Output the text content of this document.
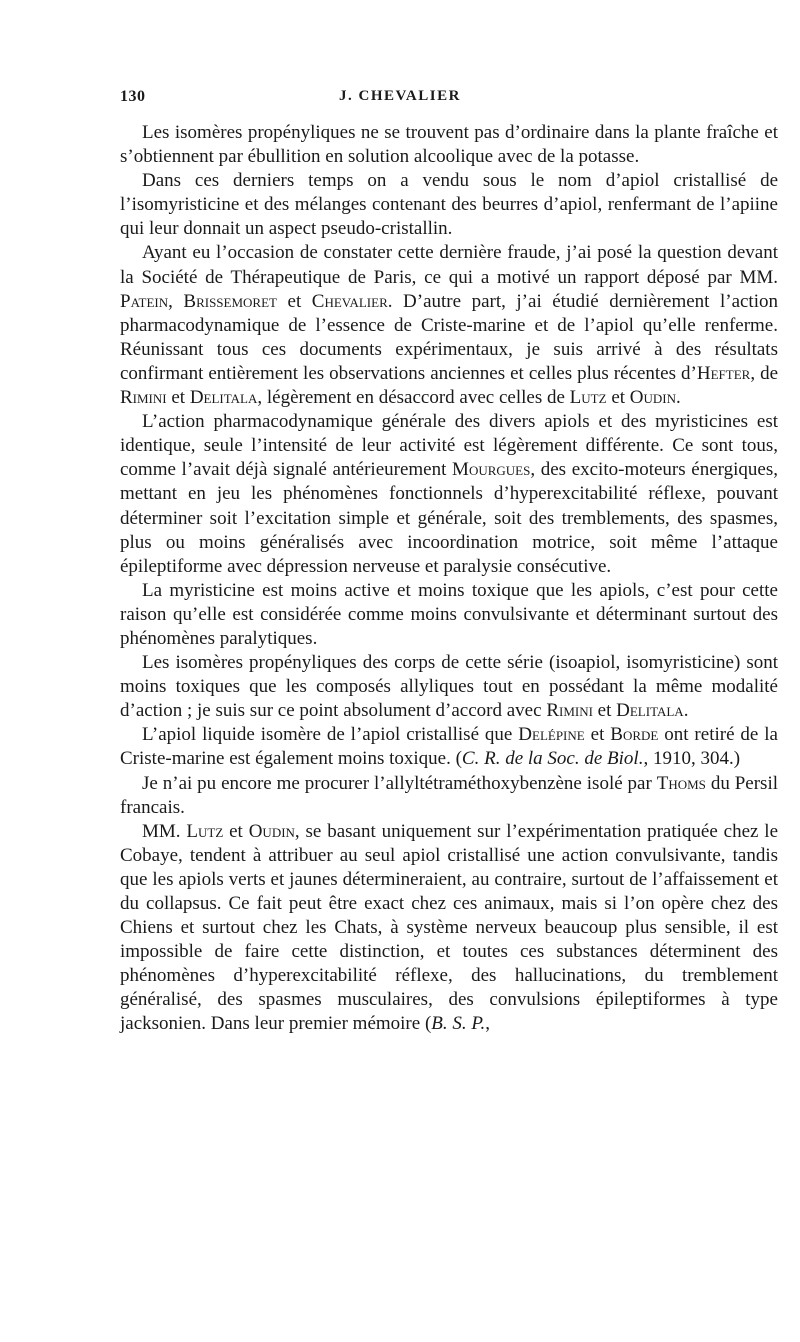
130	J. CHEVALIER

Les isomères propényliques ne se trouvent pas d’ordinaire dans la plante fraîche et s’obtiennent par ébullition en solution alcoolique avec de la potasse.

Dans ces derniers temps on a vendu sous le nom d’apiol cristallisé de l’isomyristicine et des mélanges contenant des beurres d’apiol, renfermant de l’apiine qui leur donnait un aspect pseudo-cristallin.

Ayant eu l’occasion de constater cette dernière fraude, j’ai posé la question devant la Société de Thérapeutique de Paris, ce qui a motivé un rapport déposé par MM. Patein, Brissemoret et Chevalier. D’autre part, j’ai étudié dernièrement l’action pharmacodynamique de l’essence de Criste-marine et de l’apiol qu’elle renferme. Réunissant tous ces documents expérimentaux, je suis arrivé à des résultats confirmant entièrement les observations anciennes et celles plus récentes d’Hefter, de Rimini et Delitala, légèrement en désaccord avec celles de Lutz et Oudin.

L’action pharmacodynamique générale des divers apiols et des myristicines est identique, seule l’intensité de leur activité est légèrement différente. Ce sont tous, comme l’avait déjà signalé antérieurement Mourgues, des excito-moteurs énergiques, mettant en jeu les phénomènes fonctionnels d’hyperexcitabilité réflexe, pouvant déterminer soit l’excitation simple et générale, soit des tremblements, des spasmes, plus ou moins généralisés avec incoordination motrice, soit même l’attaque épileptiforme avec dépression nerveuse et paralysie consécutive.

La myristicine est moins active et moins toxique que les apiols, c’est pour cette raison qu’elle est considérée comme moins convulsivante et déterminant surtout des phénomènes paralytiques.

Les isomères propényliques des corps de cette série (isoapiol, isomyristicine) sont moins toxiques que les composés allyliques tout en possédant la même modalité d’action ; je suis sur ce point absolument d’accord avec Rimini et Delitala.

L’apiol liquide isomère de l’apiol cristallisé que Delépine et Borde ont retiré de la Criste-marine est également moins toxique. (C. R. de la Soc. de Biol., 1910, 304.)

Je n’ai pu encore me procurer l’allyltétraméthoxybenzène isolé par Thoms du Persil francais.

MM. Lutz et Oudin, se basant uniquement sur l’expérimentation pratiquée chez le Cobaye, tendent à attribuer au seul apiol cristallisé une action convulsivante, tandis que les apiols verts et jaunes détermineraient, au contraire, surtout de l’affaissement et du collapsus. Ce fait peut être exact chez ces animaux, mais si l’on opère chez des Chiens et surtout chez les Chats, à système nerveux beaucoup plus sensible, il est impossible de faire cette distinction, et toutes ces substances déterminent des phénomènes d’hyperexcitabilité réflexe, des hallucinations, du tremblement généralisé, des spasmes musculaires, des convulsions épileptiformes à type jacksonien. Dans leur premier mémoire (B. S. P.,
